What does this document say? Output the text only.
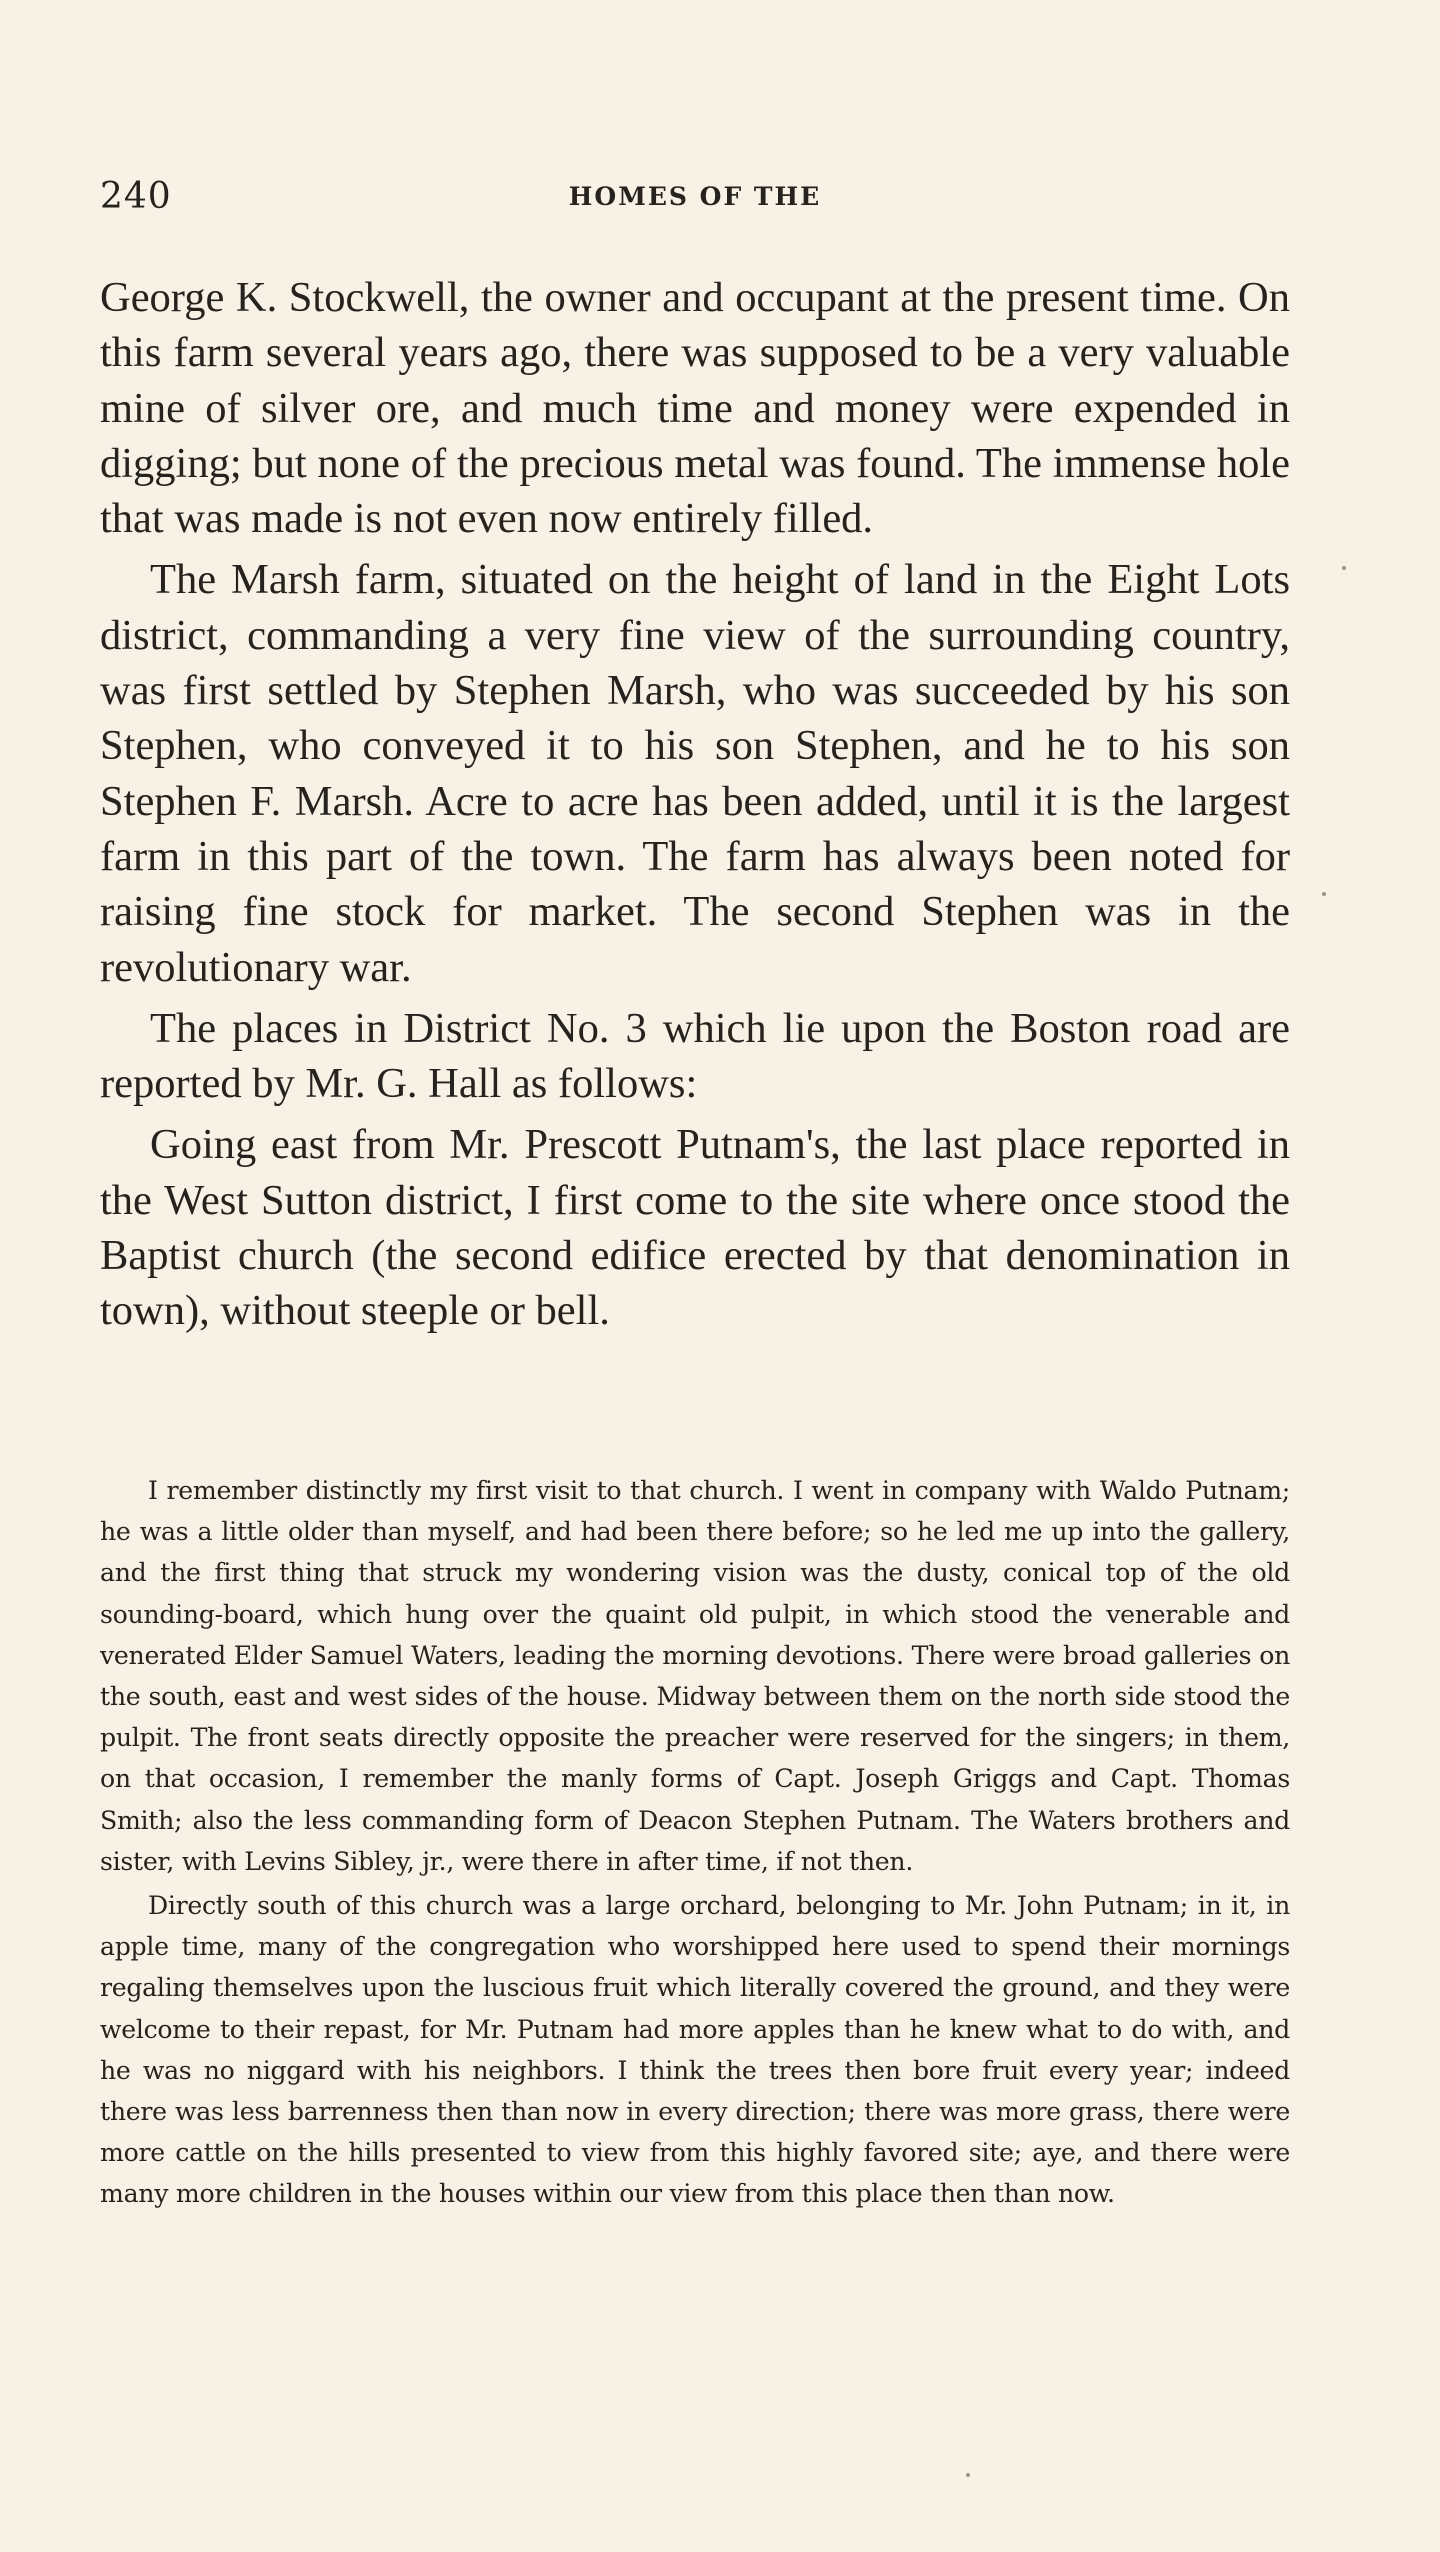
240	HOMES OF THE

George K. Stockwell, the owner and occupant at the present time. On this farm several years ago, there was supposed to be a very valuable mine of silver ore, and much time and money were expended in digging; but none of the precious metal was found. The immense hole that was made is not even now entirely filled.

The Marsh farm, situated on the height of land in the Eight Lots district, commanding a very fine view of the surrounding country, was first settled by Stephen Marsh, who was succeeded by his son Stephen, who conveyed it to his son Stephen, and he to his son Stephen F. Marsh. Acre to acre has been added, until it is the largest farm in this part of the town. The farm has always been noted for raising fine stock for market. The second Stephen was in the revolutionary war.

The places in District No. 3 which lie upon the Boston road are reported by Mr. G. Hall as follows:

Going east from Mr. Prescott Putnam's, the last place reported in the West Sutton district, I first come to the site where once stood the Baptist church (the second edifice erected by that denomination in town), without steeple or bell.

I remember distinctly my first visit to that church. I went in company with Waldo Putnam; he was a little older than myself, and had been there before; so he led me up into the gallery, and the first thing that struck my wondering vision was the dusty, conical top of the old sounding-board, which hung over the quaint old pulpit, in which stood the venerable and venerated Elder Samuel Waters, leading the morning devotions. There were broad galleries on the south, east and west sides of the house. Midway between them on the north side stood the pulpit. The front seats directly opposite the preacher were reserved for the singers; in them, on that occasion, I remember the manly forms of Capt. Joseph Griggs and Capt. Thomas Smith; also the less commanding form of Deacon Stephen Putnam. The Waters brothers and sister, with Levins Sibley, jr., were there in after time, if not then.

Directly south of this church was a large orchard, belonging to Mr. John Putnam; in it, in apple time, many of the congregation who worshipped here used to spend their mornings regaling themselves upon the luscious fruit which literally covered the ground, and they were welcome to their repast, for Mr. Putnam had more apples than he knew what to do with, and he was no niggard with his neighbors. I think the trees then bore fruit every year; indeed there was less barrenness then than now in every direction; there was more grass, there were more cattle on the hills presented to view from this highly favored site; aye, and there were many more children in the houses within our view from this place then than now.
